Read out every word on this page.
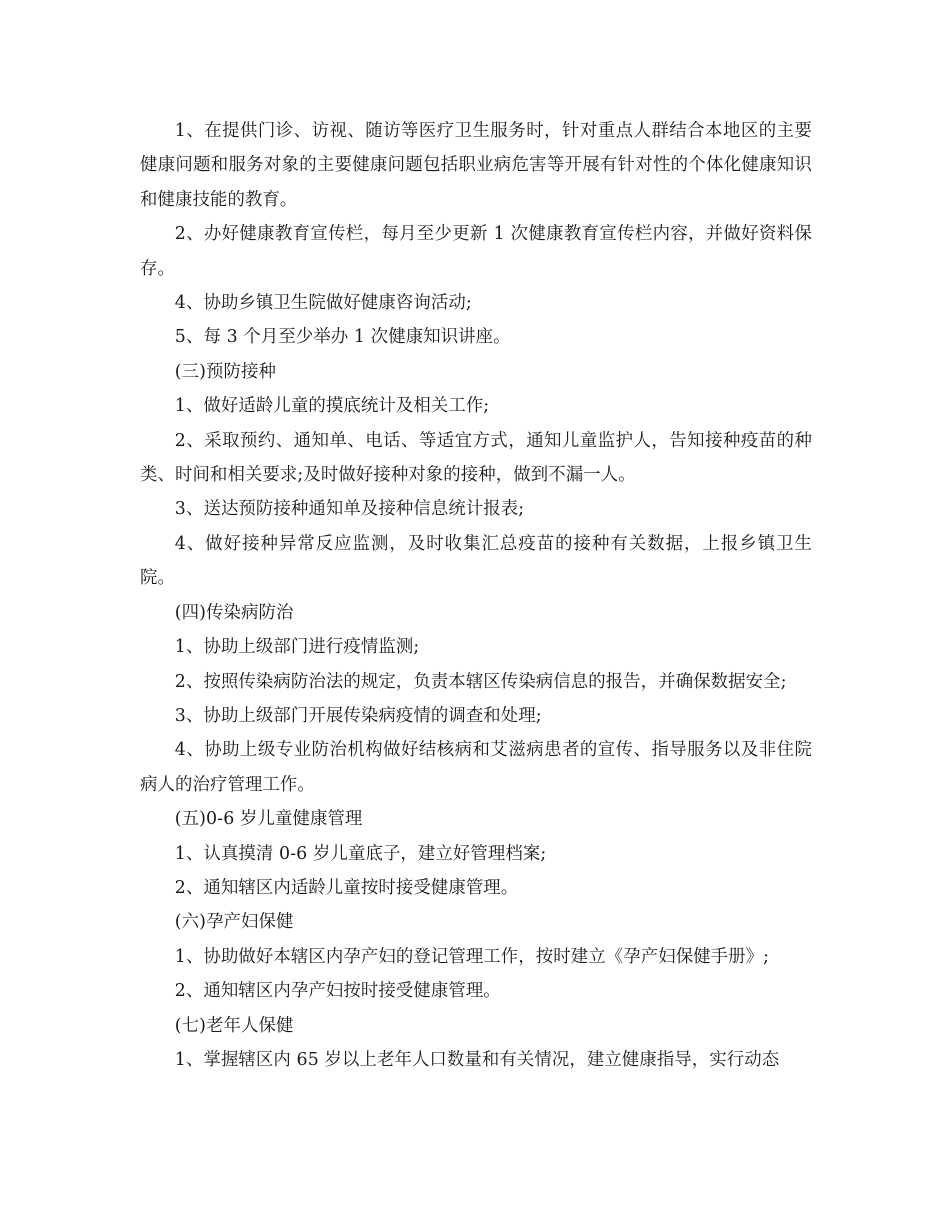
1、在提供门诊、访视、随访等医疗卫生服务时，针对重点人群结合本地区的主要健康问题和服务对象的主要健康问题包括职业病危害等开展有针对性的个体化健康知识和健康技能的教育。

2、办好健康教育宣传栏，每月至少更新 1 次健康教育宣传栏内容，并做好资料保存。

4、协助乡镇卫生院做好健康咨询活动;

5、每 3 个月至少举办 1 次健康知识讲座。

(三)预防接种

1、做好适龄儿童的摸底统计及相关工作;

2、采取预约、通知单、电话、等适宜方式，通知儿童监护人，告知接种疫苗的种类、时间和相关要求;及时做好接种对象的接种，做到不漏一人。

3、送达预防接种通知单及接种信息统计报表;

4、做好接种异常反应监测，及时收集汇总疫苗的接种有关数据，上报乡镇卫生院。

(四)传染病防治

1、协助上级部门进行疫情监测;

2、按照传染病防治法的规定，负责本辖区传染病信息的报告，并确保数据安全;

3、协助上级部门开展传染病疫情的调查和处理;

4、协助上级专业防治机构做好结核病和艾滋病患者的宣传、指导服务以及非住院病人的治疗管理工作。

(五)0-6 岁儿童健康管理

1、认真摸清 0-6 岁儿童底子，建立好管理档案;

2、通知辖区内适龄儿童按时接受健康管理。

(六)孕产妇保健

1、协助做好本辖区内孕产妇的登记管理工作，按时建立《孕产妇保健手册》;

2、通知辖区内孕产妇按时接受健康管理。

(七)老年人保健

1、掌握辖区内 65 岁以上老年人口数量和有关情况，建立健康指导，实行动态
